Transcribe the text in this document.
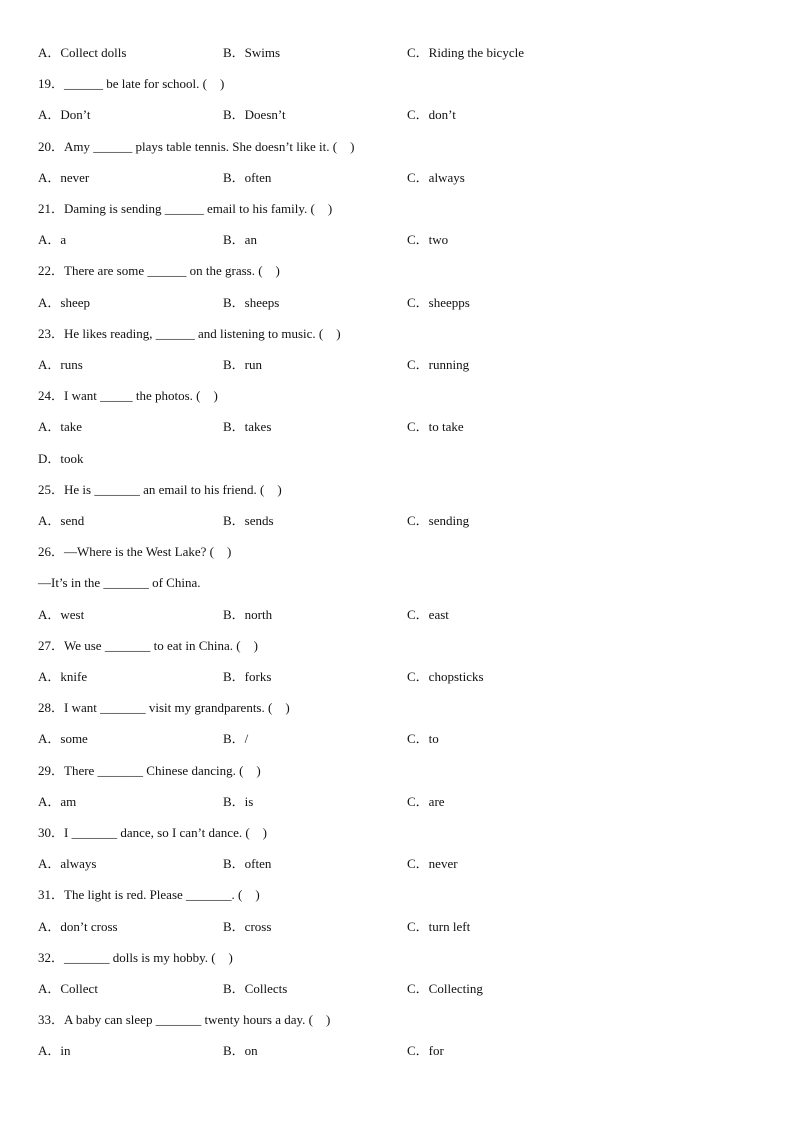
A．Collect dolls	B．Swims	C．Riding the bicycle
19．______ be late for school. (    )
A．Don’t	B．Doesn’t	C．don’t
20．Amy ______ plays table tennis. She doesn’t like it. (    )
A．never	B．often	C．always
21．Daming is sending ______ email to his family. (    )
A．a	B．an	C．two
22．There are some ______ on the grass. (    )
A．sheep	B．sheeps	C．sheepps
23．He likes reading, ______ and listening to music. (    )
A．runs	B．run	C．running
24．I want _____ the photos. (    )
A．take	B．takes	C．to take
D．took
25．He is _______ an email to his friend. (    )
A．send	B．sends	C．sending
26．—Where is the West Lake? (    )
—It’s in the _______ of China.
A．west	B．north	C．east
27．We use _______ to eat in China. (    )
A．knife	B．forks	C．chopsticks
28．I want _______ visit my grandparents. (    )
A．some	B．/	C．to
29．There _______ Chinese dancing. (    )
A．am	B．is	C．are
30．I _______ dance, so I can’t dance. (    )
A．always	B．often	C．never
31．The light is red. Please _______. (    )
A．don’t cross	B．cross	C．turn left
32．_______ dolls is my hobby. (    )
A．Collect	B．Collects	C．Collecting
33．A baby can sleep _______ twenty hours a day. (    )
A．in	B．on	C．for
